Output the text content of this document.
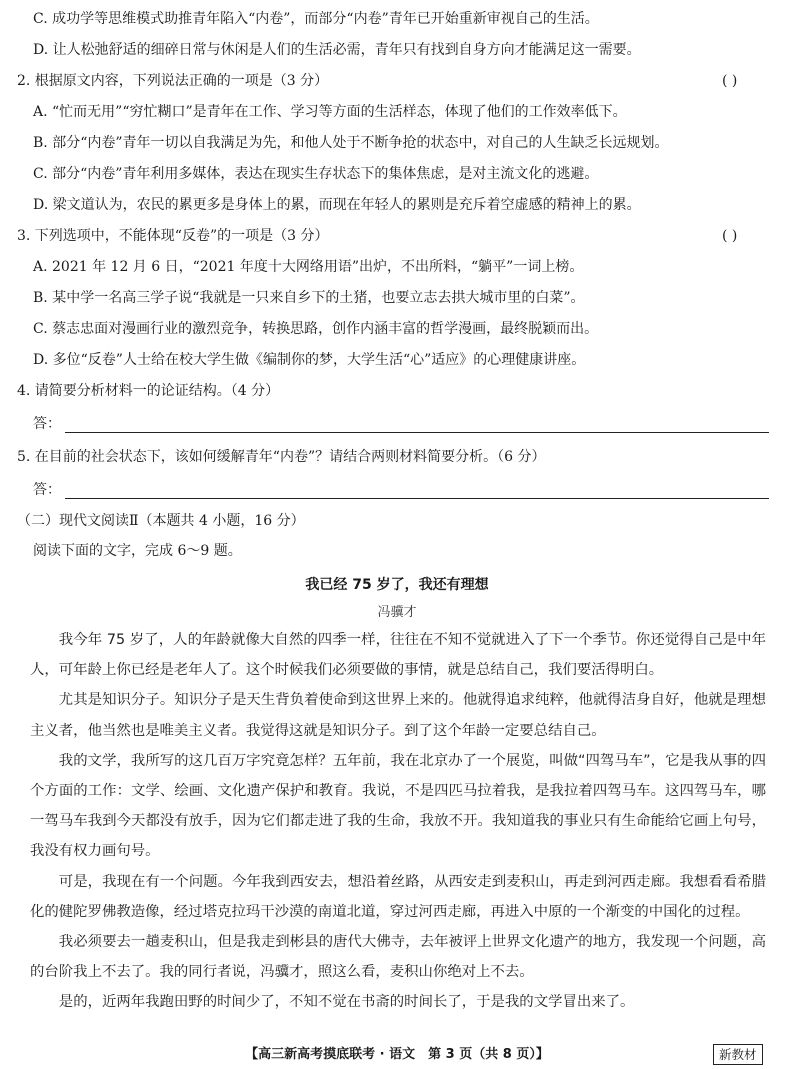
C. 成功学等思维模式助推青年陷入“内卷”，而部分“内卷”青年已开始重新审视自己的生活。
D. 让人松弛舒适的细碎日常与休闲是人们的生活必需，青年只有找到自身方向才能满足这一需要。
2. 根据原文内容，下列说法正确的一项是（3 分）	( )
A. “忙而无用”“穷忙糊口”是青年在工作、学习等方面的生活样态，体现了他们的工作效率低下。
B. 部分“内卷”青年一切以自我满足为先，和他人处于不断争抢的状态中，对自己的人生缺乏长远规划。
C. 部分“内卷”青年利用多媒体，表达在现实生存状态下的集体焦虑，是对主流文化的逃避。
D. 梁文道认为，农民的累更多是身体上的累，而现在年轻人的累则是充斥着空虚感的精神上的累。
3. 下列选项中，不能体现“反卷”的一项是（3 分）	( )
A. 2021 年 12 月 6 日，“2021 年度十大网络用语”出炉，不出所料，“躺平”一词上榜。
B. 某中学一名高三学子说“我就是一只来自乡下的土猪，也要立志去拱大城市里的白菜”。
C. 蔡志忠面对漫画行业的激烈竞争，转换思路，创作内涵丰富的哲学漫画，最终脱颖而出。
D. 多位“反卷”人士给在校大学生做《编制你的梦，大学生活“心”适应》的心理健康讲座。
4. 请简要分析材料一的论证结构。（4 分）
答：
5. 在目前的社会状态下，该如何缓解青年“内卷”？请结合两则材料简要分析。（6 分）
答：
（二）现代文阅读Ⅱ（本题共 4 小题，16 分）
阅读下面的文字，完成 6～9 题。
我已经 75 岁了，我还有理想
冯骥才

我今年 75 岁了，人的年龄就像大自然的四季一样，往往在不知不觉就进入了下一个季节。你还觉得自己是中年人，可年龄上你已经是老年人了。这个时候我们必须要做的事情，就是总结自己，我们要活得明白。

尤其是知识分子。知识分子是天生背负着使命到这世界上来的。他就得追求纯粹，他就得洁身自好，他就是理想主义者，他当然也是唯美主义者。我觉得这就是知识分子。到了这个年龄一定要总结自己。

我的文学，我所写的这几百万字究竟怎样？五年前，我在北京办了一个展览，叫做“四驾马车”，它是我从事的四个方面的工作：文学、绘画、文化遗产保护和教育。我说，不是四匹马拉着我，是我拉着四驾马车。这四驾马车，哪一驾马车我到今天都没有放手，因为它们都走进了我的生命，我放不开。我知道我的事业只有生命能给它画上句号，我没有权力画句号。

可是，我现在有一个问题。今年我到西安去，想沿着丝路，从西安走到麦积山，再走到河西走廊。我想看看希腊化的健陀罗佛教造像，经过塔克拉玛干沙漠的南道北道，穿过河西走廊，再进入中原的一个渐变的中国化的过程。

我必须要去一趟麦积山，但是我走到彬县的唐代大佛寺，去年被评上世界文化遗产的地方，我发现一个问题，高的台阶我上不去了。我的同行者说，冯骥才，照这么看，麦积山你绝对上不去。

是的，近两年我跑田野的时间少了，不知不觉在书斋的时间长了，于是我的文学冒出来了。

【高三新高考摸底联考 · 语文　第 3 页（共 8 页）】	新教材
